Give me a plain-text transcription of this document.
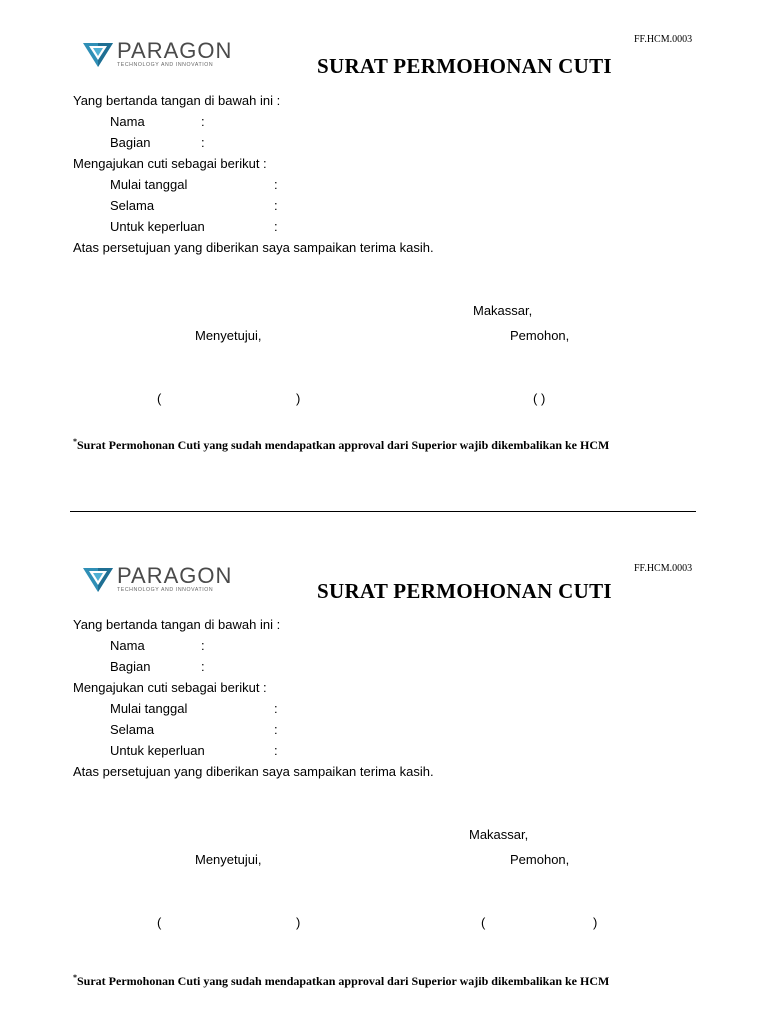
FF.HCM.0003
PARAGON
TECHNOLOGY AND INNOVATION	SURAT PERMOHONAN CUTI
Yang bertanda tangan di bawah ini :
Nama	:
Bagian	:
Mengajukan cuti sebagai berikut :
Mulai tanggal	:
Selama	:
Untuk keperluan	:
Atas persetujuan yang diberikan saya sampaikan terima kasih.
Makassar,
Menyetujui,	Pemohon,
(	)	( )
*Surat Permohonan Cuti yang sudah mendapatkan approval dari Superior wajib dikembalikan ke HCM
FF.HCM.0003
PARAGON
TECHNOLOGY AND INNOVATION	SURAT PERMOHONAN CUTI
Yang bertanda tangan di bawah ini :
Nama	:
Bagian	:
Mengajukan cuti sebagai berikut :
Mulai tanggal	:
Selama	:
Untuk keperluan	:
Atas persetujuan yang diberikan saya sampaikan terima kasih.
Makassar,
Menyetujui,	Pemohon,
(	)	(	)
*Surat Permohonan Cuti yang sudah mendapatkan approval dari Superior wajib dikembalikan ke HCM
